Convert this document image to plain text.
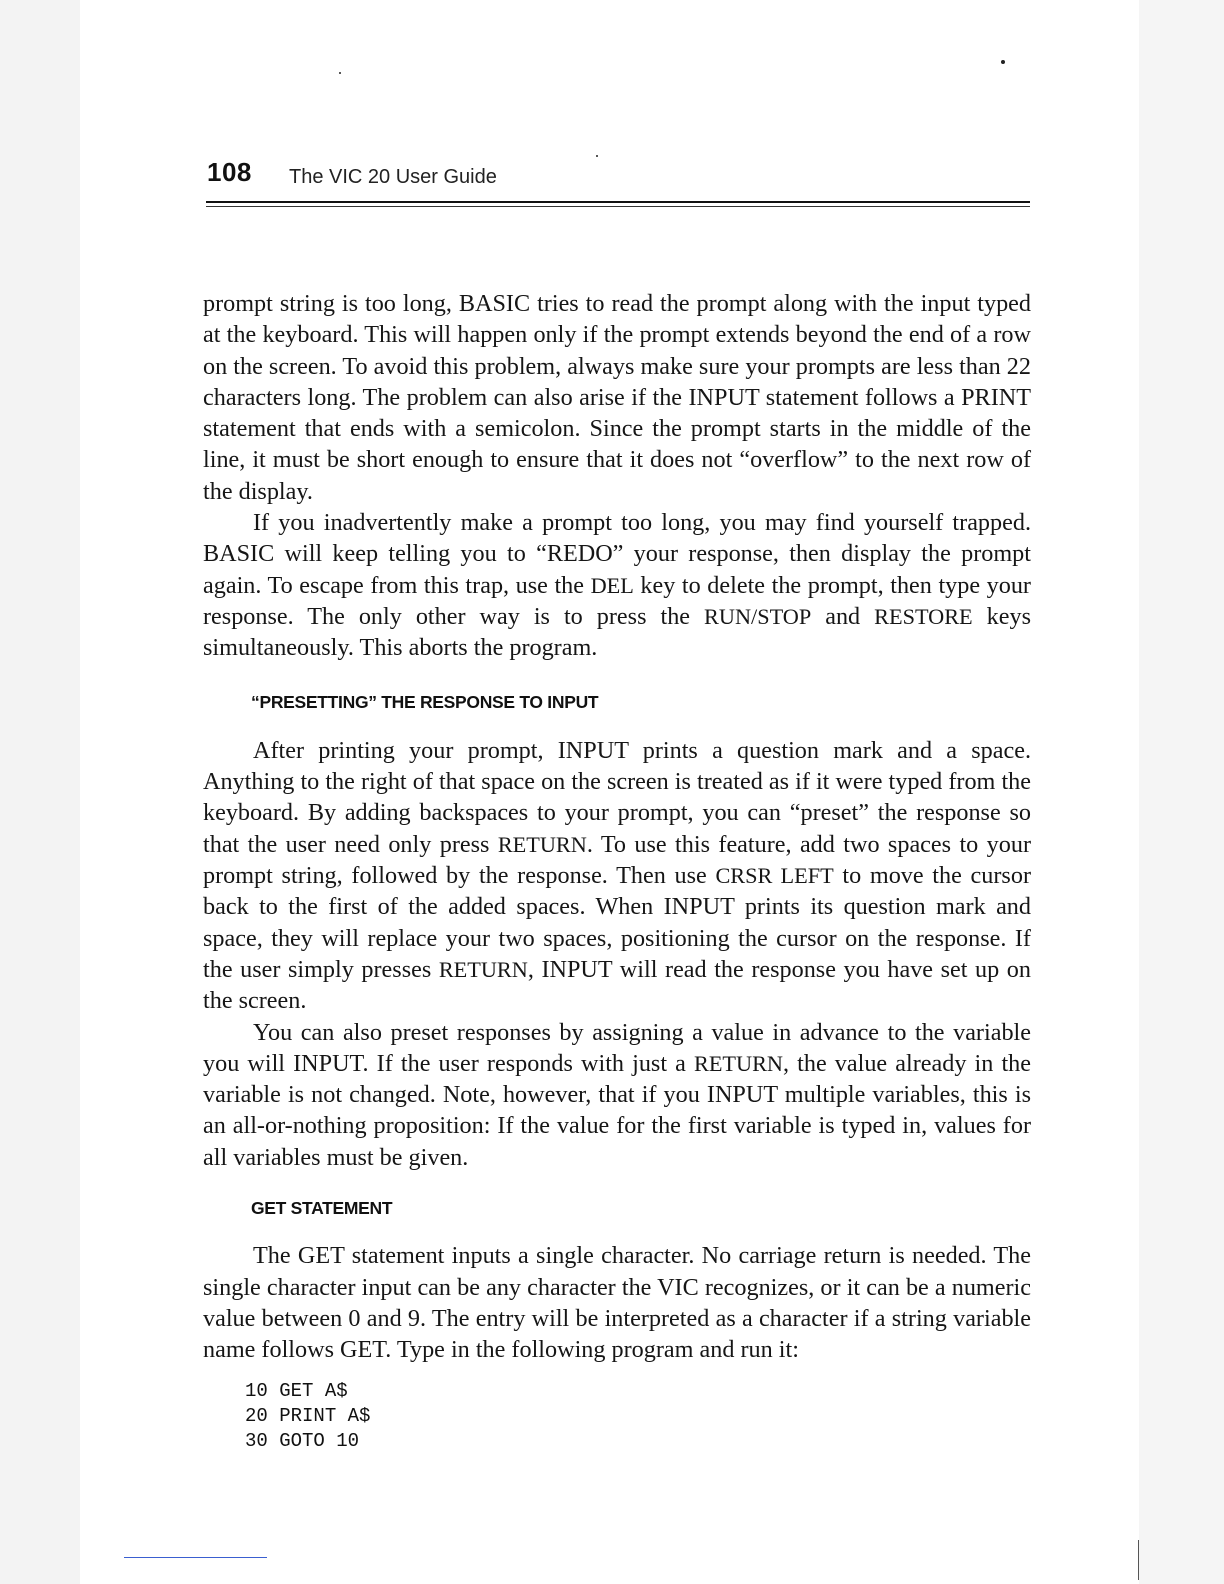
108 The VIC 20 User Guide

prompt string is too long, BASIC tries to read the prompt along with the input typed at the keyboard. This will happen only if the prompt extends beyond the end of a row on the screen. To avoid this problem, always make sure your prompts are less than 22 characters long. The problem can also arise if the INPUT statement follows a PRINT statement that ends with a semicolon. Since the prompt starts in the middle of the line, it must be short enough to ensure that it does not “overflow” to the next row of the display.

If you inadvertently make a prompt too long, you may find yourself trapped. BASIC will keep telling you to “REDO” your response, then display the prompt again. To escape from this trap, use the DEL key to delete the prompt, then type your response. The only other way is to press the RUN/STOP and RESTORE keys simultaneously. This aborts the program.

“PRESETTING” THE RESPONSE TO INPUT

After printing your prompt, INPUT prints a question mark and a space. Anything to the right of that space on the screen is treated as if it were typed from the keyboard. By adding backspaces to your prompt, you can “preset” the response so that the user need only press RETURN. To use this feature, add two spaces to your prompt string, followed by the response. Then use CRSR LEFT to move the cursor back to the first of the added spaces. When INPUT prints its question mark and space, they will replace your two spaces, positioning the cursor on the response. If the user simply presses RETURN, INPUT will read the response you have set up on the screen.

You can also preset responses by assigning a value in advance to the variable you will INPUT. If the user responds with just a RETURN, the value already in the variable is not changed. Note, however, that if you INPUT multiple variables, this is an all-or-nothing proposition: If the value for the first variable is typed in, values for all variables must be given.

GET STATEMENT

The GET statement inputs a single character. No carriage return is needed. The single character input can be any character the VIC recognizes, or it can be a numeric value between 0 and 9. The entry will be interpreted as a character if a string variable name follows GET. Type in the following program and run it:

10 GET A$
20 PRINT A$
30 GOTO 10
